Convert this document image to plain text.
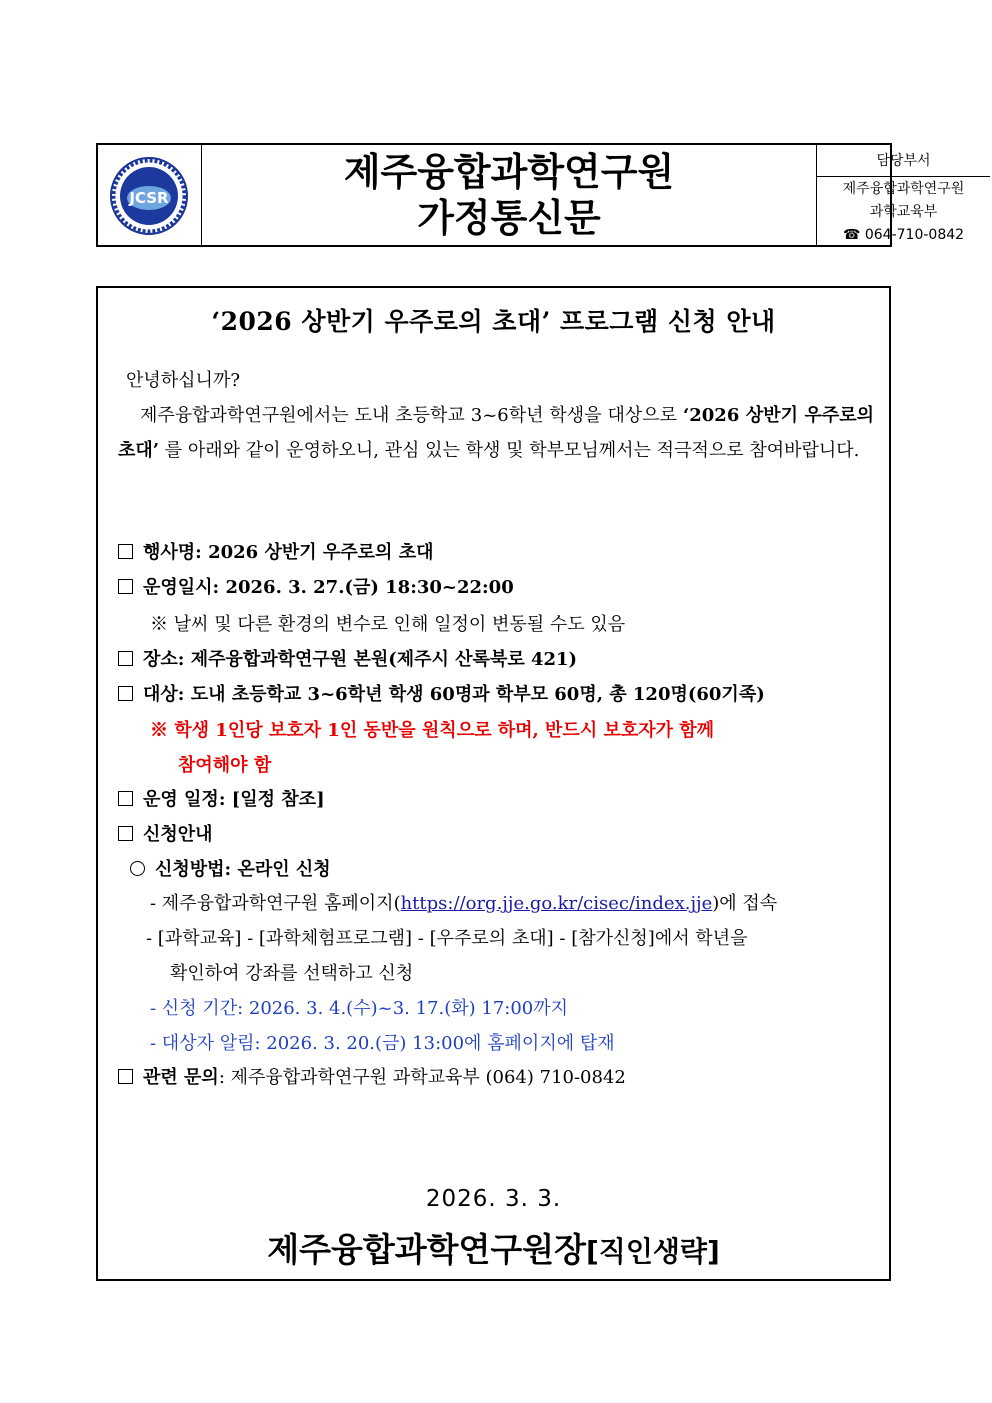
JCSR
제주융합과학연구원
가정통신문
담당부서
제주융합과학연구원
과학교육부
☎ 064-710-0842
‘2026 상반기 우주로의 초대’ 프로그램 신청 안내
안녕하십니까?
제주융합과학연구원에서는 도내 초등학교 3~6학년 학생을 대상으로 ‘2026 상반기 우주로의 초대’ 를 아래와 같이 운영하오니, 관심 있는 학생 및 학부모님께서는 적극적으로 참여바랍니다.
행사명: 2026 상반기 우주로의 초대
운영일시: 2026. 3. 27.(금) 18:30~22:00
※ 날씨 및 다른 환경의 변수로 인해 일정이 변동될 수도 있음
장소: 제주융합과학연구원 본원(제주시 산록북로 421)
대상: 도내 초등학교 3~6학년 학생 60명과 학부모 60명, 총 120명(60기족)
※ 학생 1인당 보호자 1인 동반을 원칙으로 하며, 반드시 보호자가 함께
참여해야 함
운영 일정: [일정 참조]
신청안내
신청방법: 온라인 신청
- 제주융합과학연구원 홈페이지(https://org.jje.go.kr/cisec/index.jje)에 접속
- [과학교육] - [과학체험프로그램] - [우주로의 초대] - [참가신청]에서 학년을
확인하여 강좌를 선택하고 신청
- 신청 기간: 2026. 3. 4.(수)~3. 17.(화) 17:00까지
- 대상자 알림: 2026. 3. 20.(금) 13:00에 홈페이지에 탑재
관련 문의: 제주융합과학연구원 과학교육부 (064) 710-0842
2026. 3. 3.
제주융합과학연구원장[직인생략]
